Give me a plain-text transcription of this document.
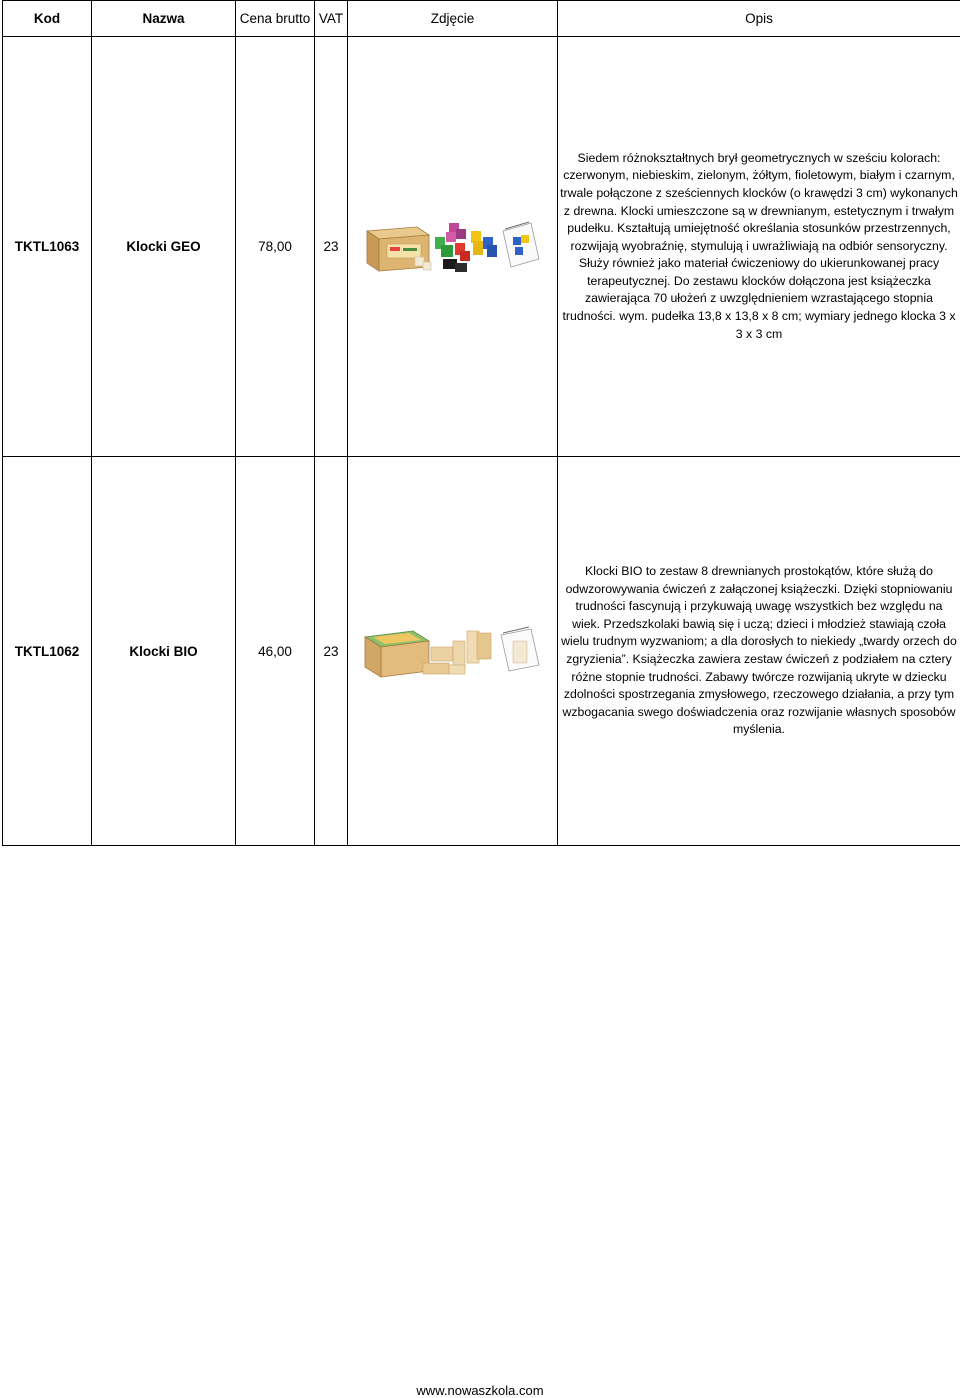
Kod	Nazwa	Cena brutto	VAT	Zdjęcie	Opis
TKTL1063	Klocki GEO	78,00	23		Siedem różnokształtnych brył geometrycznych w sześciu kolorach: czerwonym, niebieskim, zielonym, żółtym, fioletowym, białym i czarnym, trwale połączone z sześciennych klocków (o krawędzi 3 cm) wykonanych z drewna. Klocki umieszczone są w drewnianym, estetycznym i trwałym pudełku. Kształtują umiejętność określania stosunków przestrzennych, rozwijają wyobraźnię, stymulują i uwrażliwiają na odbiór sensoryczny. Służy również jako materiał ćwiczeniowy do ukierunkowanej pracy terapeutycznej. Do zestawu klocków dołączona jest książeczka zawierająca 70 ułożeń z uwzględnieniem wzrastającego stopnia trudności. wym. pudełka 13,8 x 13,8 x 8 cm; wymiary jednego klocka 3 x 3 x 3 cm
TKTL1062	Klocki BIO	46,00	23		Klocki BIO to zestaw 8 drewnianych prostokątów, które służą do odwzorowywania ćwiczeń z załączonej książeczki. Dzięki stopniowaniu trudności fascynują i przykuwają uwagę wszystkich bez względu na wiek. Przedszkolaki bawią się i uczą; dzieci i młodzież stawiają czoła wielu trudnym wyzwaniom; a dla dorosłych to niekiedy „twardy orzech do zgryzienia”. Książeczka zawiera zestaw ćwiczeń z podziałem na cztery różne stopnie trudności. Zabawy twórcze rozwijanią ukryte w dziecku zdolności spostrzegania zmysłowego, rzeczowego działania, a przy tym wzbogacania swego doświadczenia oraz rozwijanie własnych sposobów myślenia.
www.nowaszkola.com
